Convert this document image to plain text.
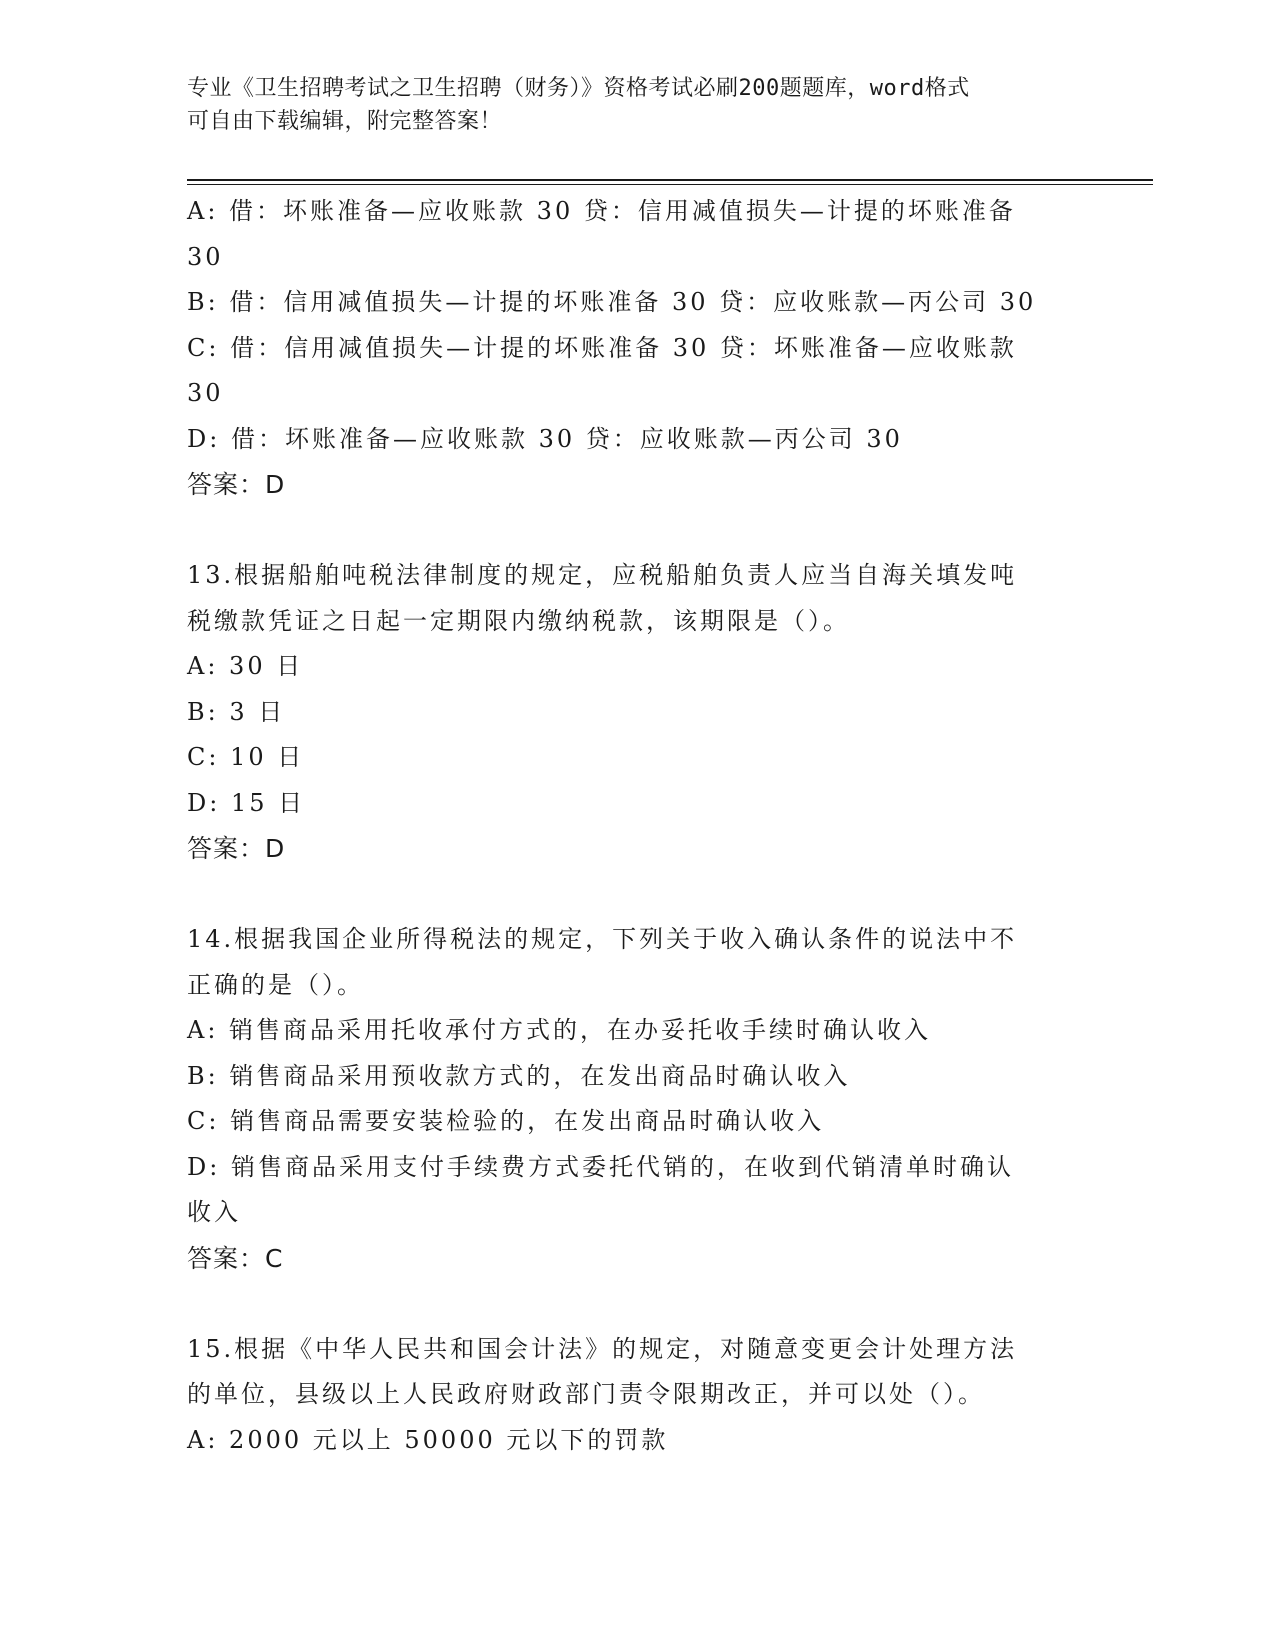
专业《卫生招聘考试之卫生招聘（财务）》资格考试必刷200题题库，word格式
可自由下载编辑，附完整答案！
A: 借：坏账准备—应收账款 30 贷：信用减值损失—计提的坏账准备
30
B: 借：信用减值损失—计提的坏账准备 30 贷：应收账款—丙公司 30
C: 借：信用减值损失—计提的坏账准备 30 贷：坏账准备—应收账款
30
D: 借：坏账准备—应收账款 30 贷：应收账款—丙公司 30
答案：D
13.根据船舶吨税法律制度的规定，应税船舶负责人应当自海关填发吨
税缴款凭证之日起一定期限内缴纳税款，该期限是（）。
A: 30 日
B: 3 日
C: 10 日
D: 15 日
答案：D
14.根据我国企业所得税法的规定，下列关于收入确认条件的说法中不
正确的是（）。
A: 销售商品采用托收承付方式的，在办妥托收手续时确认收入
B: 销售商品采用预收款方式的，在发出商品时确认收入
C: 销售商品需要安装检验的，在发出商品时确认收入
D: 销售商品采用支付手续费方式委托代销的，在收到代销清单时确认
收入
答案：C
15.根据《中华人民共和国会计法》的规定，对随意变更会计处理方法
的单位，县级以上人民政府财政部门责令限期改正，并可以处（）。
A: 2000 元以上 50000 元以下的罚款
